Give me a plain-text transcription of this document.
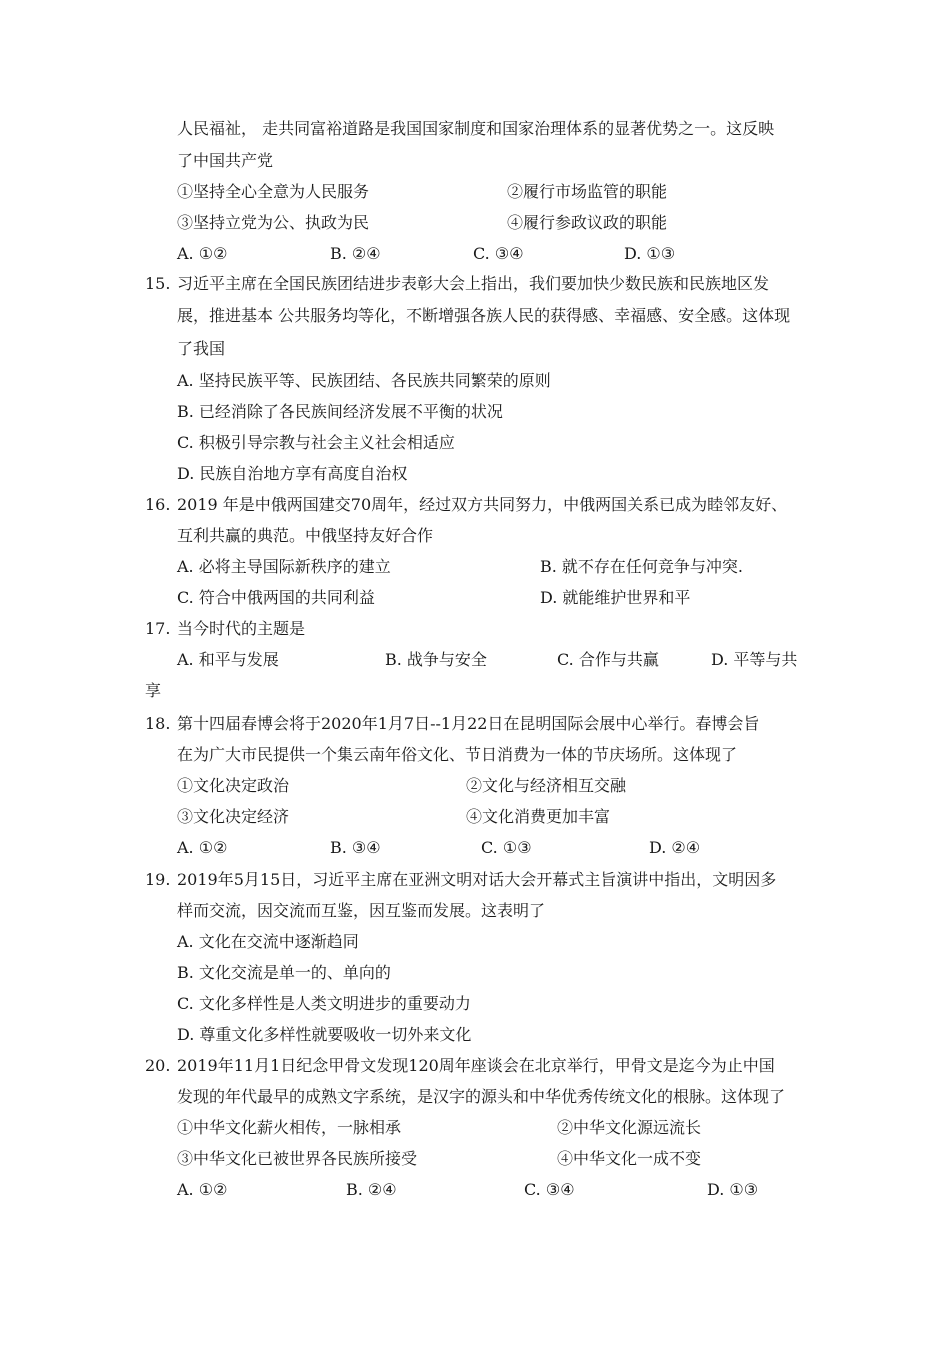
人民福祉， 走共同富裕道路是我国国家制度和国家治理体系的显著优势之一。这反映
了中国共产党
①坚持全心全意为人民服务	②履行市场监管的职能
③坚持立党为公、执政为民	④履行参政议政的职能
A. ①②	B. ②④	C. ③④	D. ①③
15. 习近平主席在全国民族团结进步表彰大会上指出，我们要加快少数民族和民族地区发
展，推进基本 公共服务均等化，不断增强各族人民的获得感、幸福感、安全感。这体现
了我国
A. 坚持民族平等、民族团结、各民族共同繁荣的原则
B. 已经消除了各民族间经济发展不平衡的状况
C. 积极引导宗教与社会主义社会相适应
D. 民族自治地方享有高度自治权
16. 2019 年是中俄两国建交70周年，经过双方共同努力，中俄两国关系已成为睦邻友好、
互利共赢的典范。中俄坚持友好合作
A. 必将主导国际新秩序的建立	B. 就不存在任何竞争与冲突.
C. 符合中俄两国的共同利益	D. 就能维护世界和平
17. 当今时代的主题是
A. 和平与发展	B. 战争与安全	C. 合作与共赢	D. 平等与共
享
18. 第十四届春博会将于2020年1月7日--1月22日在昆明国际会展中心举行。春博会旨
在为广大市民提供一个集云南年俗文化、节日消费为一体的节庆场所。这体现了
①文化决定政治	②文化与经济相互交融
③文化决定经济	④文化消费更加丰富
A. ①②	B. ③④	C. ①③	D. ②④
19. 2019年5月15日，习近平主席在亚洲文明对话大会开幕式主旨演讲中指出，文明因多
样而交流，因交流而互鉴，因互鉴而发展。这表明了
A. 文化在交流中逐渐趋同
B. 文化交流是单一的、单向的
C. 文化多样性是人类文明进步的重要动力
D. 尊重文化多样性就要吸收一切外来文化
20. 2019年11月1日纪念甲骨文发现120周年座谈会在北京举行，甲骨文是迄今为止中国
发现的年代最早的成熟文字系统，是汉字的源头和中华优秀传统文化的根脉。这体现了
①中华文化薪火相传，一脉相承	②中华文化源远流长
③中华文化已被世界各民族所接受	④中华文化一成不变
A. ①②	B. ②④	C. ③④	D. ①③
